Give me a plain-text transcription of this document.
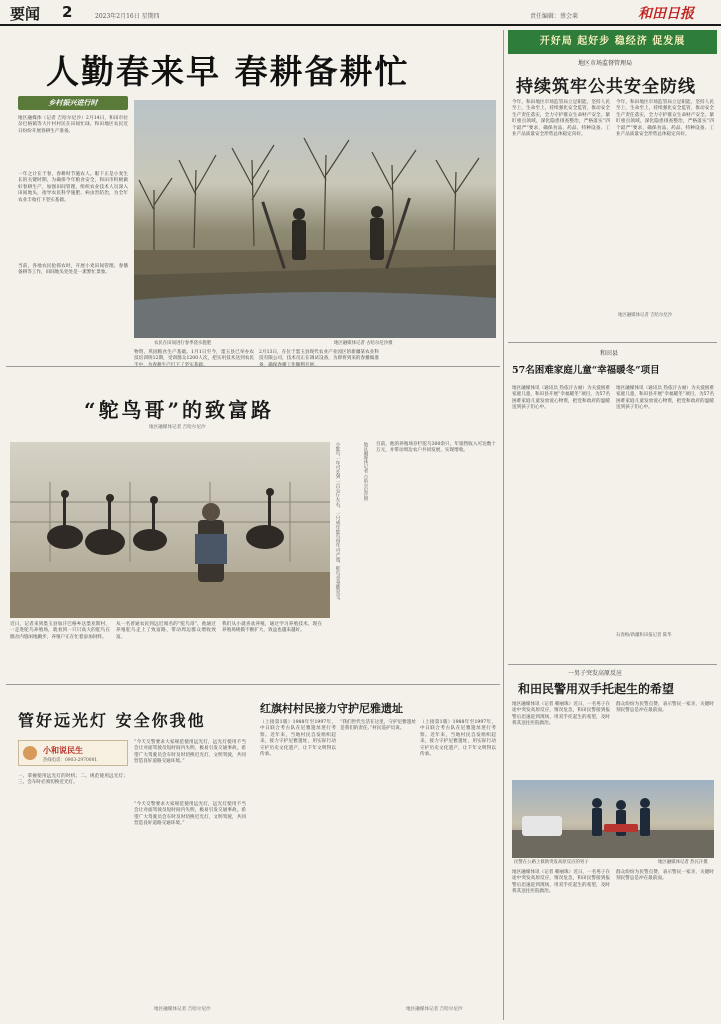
要闻 2	2023年2月16日 星期四	责任编辑：蔡会莱	和田日报
人勤春来早 春耕备耕忙
乡村振兴进行时
地区融媒体（记者 吉哈尔尼沙）2月14日，和田市拉杂巴格镇等大片村村民在田间忙碌，和田地区农民近日纷纷开展春耕生产准备。
一年之计在于春，春耕时节施农人。眼下正是小麦生长的关键时期，为确保今年粮食安全，和田市积极做好春耕生产，加强田间管理，组织农业技术人员深入田间地头，指导农民科学施肥、病虫害防治，为全年农业丰收打下坚实基础。
当前，各地农民抢抓农时，开展小麦田间管理、春播备耕等工作，田间地头处处是一派繁忙景象。
农民在田间进行春季浇水施肥	地区融媒体记者 古哈尔尼沙摄
物资，巩固粮食生产基础。1月1日至今，墨玉县已举办农技培训班12期，受训群众1200人次，把实用技术送到农民
2月13日，在位于墨玉县现代农业产业园区的新疆某农业科技有限公司，技术员正在调试设备，为即将到来的春播做准
“鸵鸟哥”的致富路
地区融媒体记者 吉哈尔尼沙
小鸵鸟一年可长到一百公斤左右，一只成年鸵鸟每年可产蛋，鸵鸟全身都是宝。	地区融媒体记者 古哈尔尼沙摄
近日，记者来到墨玉县加汗巴格乡达墨亚斯村，一走进鸵鸟养殖场，就看到一只只高大的鸵鸟在圈舍内悠闲地踱步，养殖户正在忙着添加饲料。
从一名普通农民到远近闻名的“鸵鸟哥”，他通过养殖鸵鸟走上了致富路，带动周边群众增收致富。
我们从小就喜欢养殖，通过学习养殖技术，现在养殖场规模不断扩大，效益也越来越好。
目前，他的养殖场存栏鸵鸟300余只，年销售收入可达数十万元，并带动周边农户共同发展，实现增收。
管好远光灯 安全你我他
小和说民生
热线电话：0903-2970001
“今天交警要求大家规范使用远光灯，远光灯使用不当会让对面驾驶员短时间内失明，极易引发交通事故。希望广大驾驶员会车时及时切换近光灯，文明驾驶，共同营造良好道路交通环境。”
一、掌握使用远光灯的时机；二、规范使用远光灯；三、会车时必须切换近光灯。
“今天交警要求大家规范使用远光灯，远光灯使用不当会让对面驾驶员短时间内失明，极易引发交通事故。希望广大驾驶员会车时及时切换近光灯，文明驾驶，共同营造良好道路交通环境。”
地区融媒体记者 吉哈尔尼沙
红旗村村民接力守护尼雅遗址
（上接第1版）1988年至1997年，中日联合考古队在尼雅遗址进行考察。近年来，当地村民自发组织起来，接力守护尼雅遗址，用实际行动守护历史文化遗产，让千年文明得以传承。
“我们世代生活在这里，守护尼雅遗址是我们的责任。”村民巡护员说。
（上接第1版）1988年至1997年，中日联合考古队在尼雅遗址进行考察。近年来，当地村民自发组织起来，接力守护尼雅遗址，用实际行动守护历史文化遗产，让千年文明得以传承。
地区融媒体记者 吉哈尔尼沙
开好局 起好步 稳经济 促发展
地区市场监督管理局
持续筑牢公共安全防线
今年，和田地区市场监管局立足职能，坚持人民至上、生命至上，持续强化安全监管，推动安全生产责任落实，全力守护群众生命财产安全。紧盯重点领域，深化隐患排查整治，严格落实“四个最严”要求，确保食品、药品、特种设备、工业产品质量安全形势总体稳定向好。
今年，和田地区市场监管局立足职能，坚持人民至上、生命至上，持续强化安全监管，推动安全生产责任落实，全力守护群众生命财产安全。紧盯重点领域，深化隐患排查整治，严格落实“四个最严”要求，确保食品、药品、特种设备、工业产品质量安全形势总体稳定向好。
地区融媒体记者 吉哈尔尼沙
和田县
57名困难家庭儿童“幸福暖冬”项目
地区融媒体讯（通讯员 热依汗古丽）为关爱困难家庭儿童，和田县开展“幸福暖冬”项目，为57名困难家庭儿童发放爱心物资，把党和政府的温暖送到孩子们心中。
地区融媒体讯（通讯员 热依汗古丽）为关爱困难家庭儿童，和田县开展“幸福暖冬”项目，为57名困难家庭儿童发放爱心物资，把党和政府的温暖送到孩子们心中。
石春梅/新疆和田报记者 陈华
一男子突发高原反应
和田民警用双手托起生的希望
地区融媒体讯（记者 朝丽珠）近日，一名男子在途中突发高原反应，情况危急，和田民警接到报警后迅速赶到现场，用双手托起生的希望，及时将其送往医院救治。
群众纷纷为民警点赞，表示警民一家亲，关键时刻民警总是冲在最前面。
民警在公路上救助突发高原反应的男子	地区融媒体记者 热瓦汗摄
地区融媒体讯（记者 朝丽珠）近日，一名男子在途中突发高原反应，情况危急，和田民警接到报警后迅速赶到现场，用双手托起生的希望，及时将其送往医院救治。
群众纷纷为民警点赞，表示警民一家亲，关键时刻民警总是冲在最前面。
